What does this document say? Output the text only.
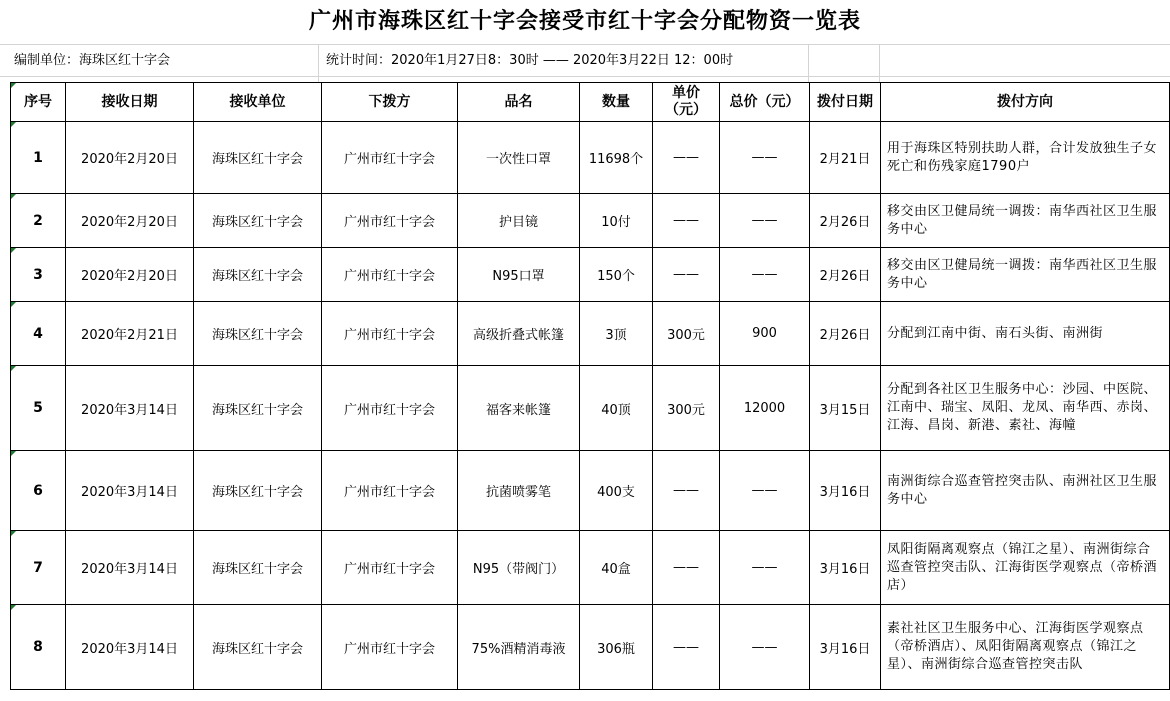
广州市海珠区红十字会接受市红十字会分配物资一览表
编制单位：海珠区红十字会	统计时间：2020年1月27日8：30时 —— 2020年3月22日 12：00时
序号	接收日期	接收单位	下拨方	品名	数量	单价（元）	总价（元）	拨付日期	拨付方向

1	2020年2月20日	海珠区红十字会	广州市红十字会	一次性口罩	11698个	——	——	2月21日	用于海珠区特别扶助人群，合计发放独生子女死亡和伤残家庭1790户

2	2020年2月20日	海珠区红十字会	广州市红十字会	护目镜	10付	——	——	2月26日	移交由区卫健局统一调拨：南华西社区卫生服务中心

3	2020年2月20日	海珠区红十字会	广州市红十字会	N95口罩	150个	——	——	2月26日	移交由区卫健局统一调拨：南华西社区卫生服务中心

4	2020年2月21日	海珠区红十字会	广州市红十字会	高级折叠式帐篷	3顶	300元	900	2月26日	分配到江南中街、南石头街、南洲街

5	2020年3月14日	海珠区红十字会	广州市红十字会	福客来帐篷	40顶	300元	12000	3月15日	分配到各社区卫生服务中心：沙园、中医院、江南中、瑞宝、凤阳、龙凤、南华西、赤岗、江海、昌岗、新港、素社、海幢

6	2020年3月14日	海珠区红十字会	广州市红十字会	抗菌喷雾笔	400支	——	——	3月16日	南洲街综合巡查管控突击队、南洲社区卫生服务中心

7	2020年3月14日	海珠区红十字会	广州市红十字会	N95（带阀门）	40盒	——	——	3月16日	凤阳街隔离观察点（锦江之星）、南洲街综合巡查管控突击队、江海街医学观察点（帝桥酒店）

8	2020年3月14日	海珠区红十字会	广州市红十字会	75%酒精消毒液	306瓶	——	——	3月16日	素社社区卫生服务中心、江海街医学观察点（帝桥酒店）、凤阳街隔离观察点（锦江之星）、南洲街综合巡查管控突击队
